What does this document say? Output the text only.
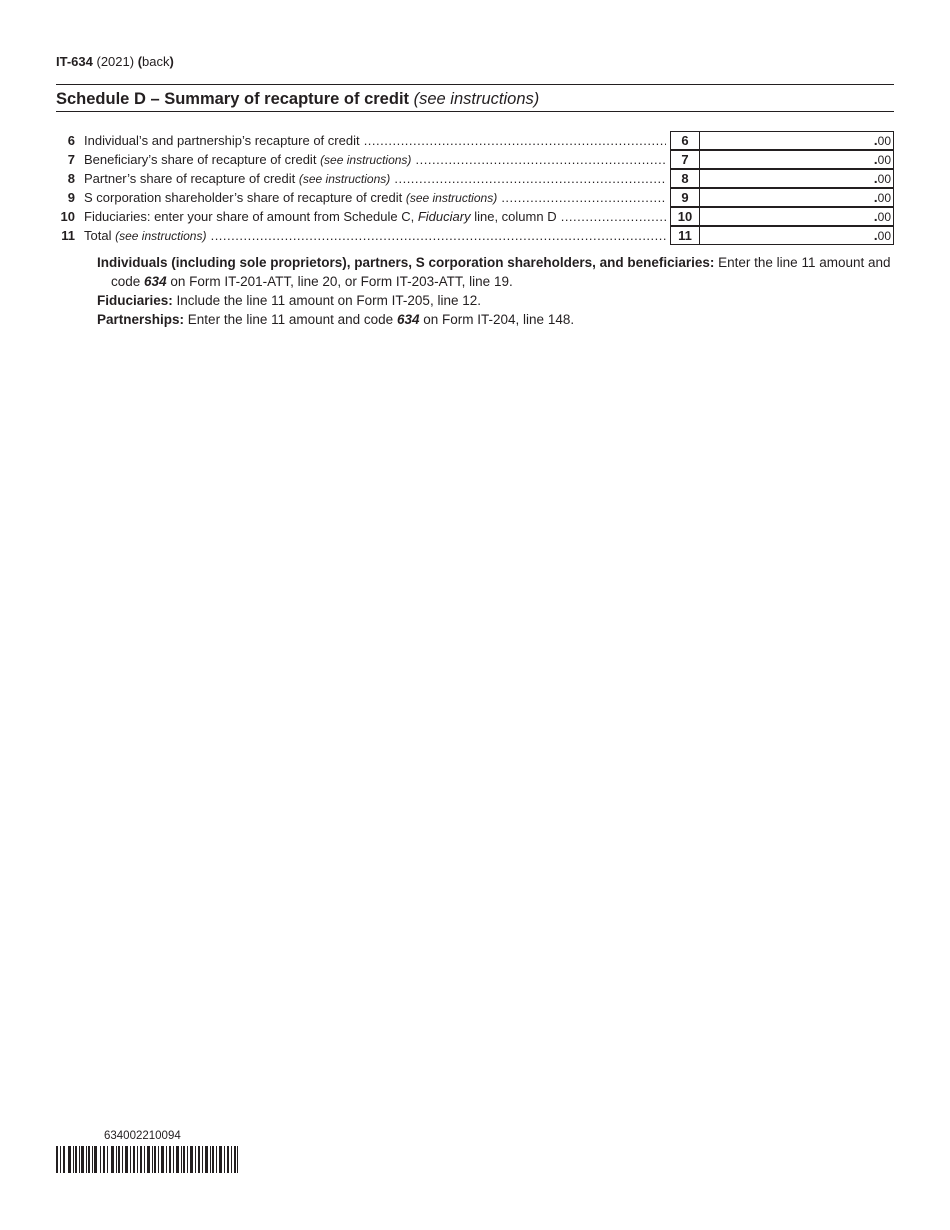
IT-634 (2021) (back)
Schedule D – Summary of recapture of credit (see instructions)
6 Individual’s and partnership’s recapture of credit .....	6	.00
7 Beneficiary’s share of recapture of credit (see instructions) .....	7	.00
8 Partner’s share of recapture of credit (see instructions) .....	8	.00
9 S corporation shareholder’s share of recapture of credit (see instructions) .....	9	.00
10 Fiduciaries: enter your share of amount from Schedule C, Fiduciary line, column D .....	10	.00
11 Total (see instructions) .....	11	.00

Individuals (including sole proprietors), partners, S corporation shareholders, and beneficiaries: Enter the line 11 amount and code 634 on Form IT-201-ATT, line 20, or Form IT-203-ATT, line 19.

Fiduciaries: Include the line 11 amount on Form IT-205, line 12.

Partnerships: Enter the line 11 amount and code 634 on Form IT-204, line 148.

634002210094
